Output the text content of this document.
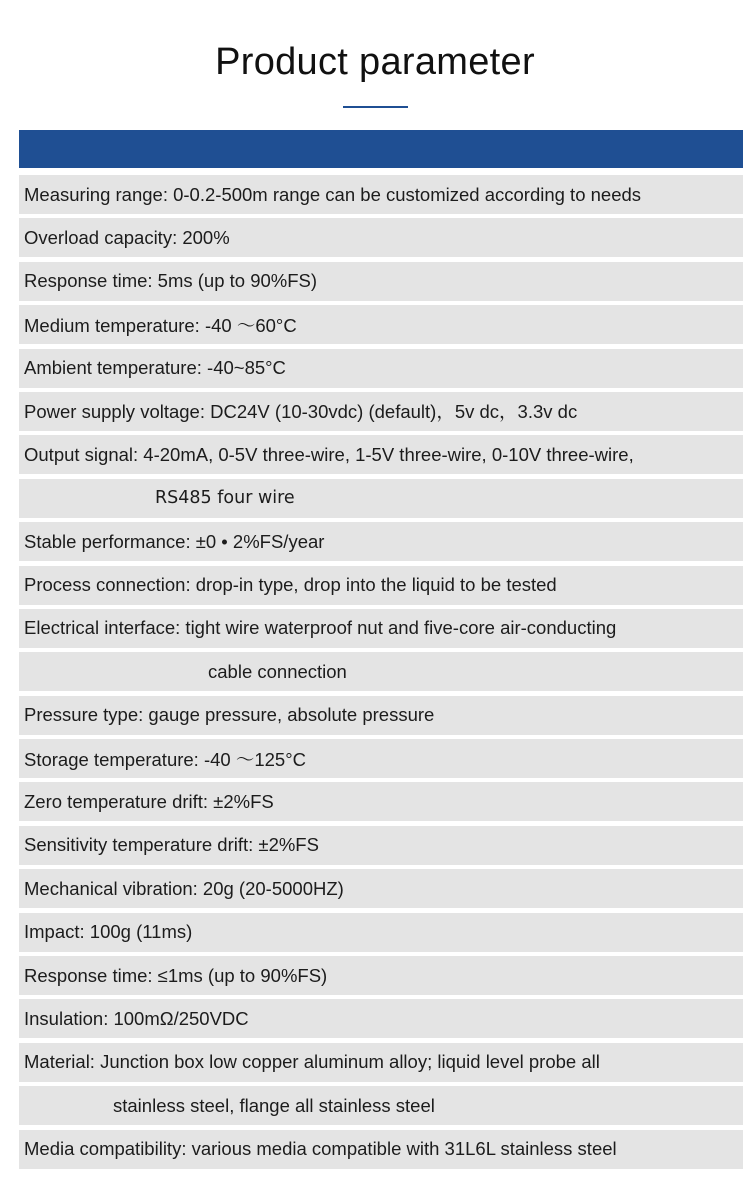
Product parameter
Measuring range: 0-0.2-500m range can be customized according to needs
Overload capacity: 200%
Response time: 5ms (up to 90%FS)
Medium temperature: -40 ～60°C
Ambient temperature: -40~85°C
Power supply voltage: DC24V (10-30vdc) (default)，5v dc，3.3v dc
Output signal: 4-20mA, 0-5V three-wire, 1-5V three-wire, 0-10V three-wire,
RS485 four wire
Stable performance: ±0 • 2%FS/year
Process connection: drop-in type, drop into the liquid to be tested
Electrical interface: tight wire waterproof nut and five-core air-conducting
cable connection
Pressure type: gauge pressure, absolute pressure
Storage temperature: -40 ～125°C
Zero temperature drift: ±2%FS
Sensitivity temperature drift: ±2%FS
Mechanical vibration: 20g (20-5000HZ)
Impact: 100g (11ms)
Response time: ≤1ms (up to 90%FS)
Insulation: 100mΩ/250VDC
Material: Junction box low copper aluminum alloy; liquid level probe all
stainless steel, flange all stainless steel
Media compatibility: various media compatible with 31L6L stainless steel
